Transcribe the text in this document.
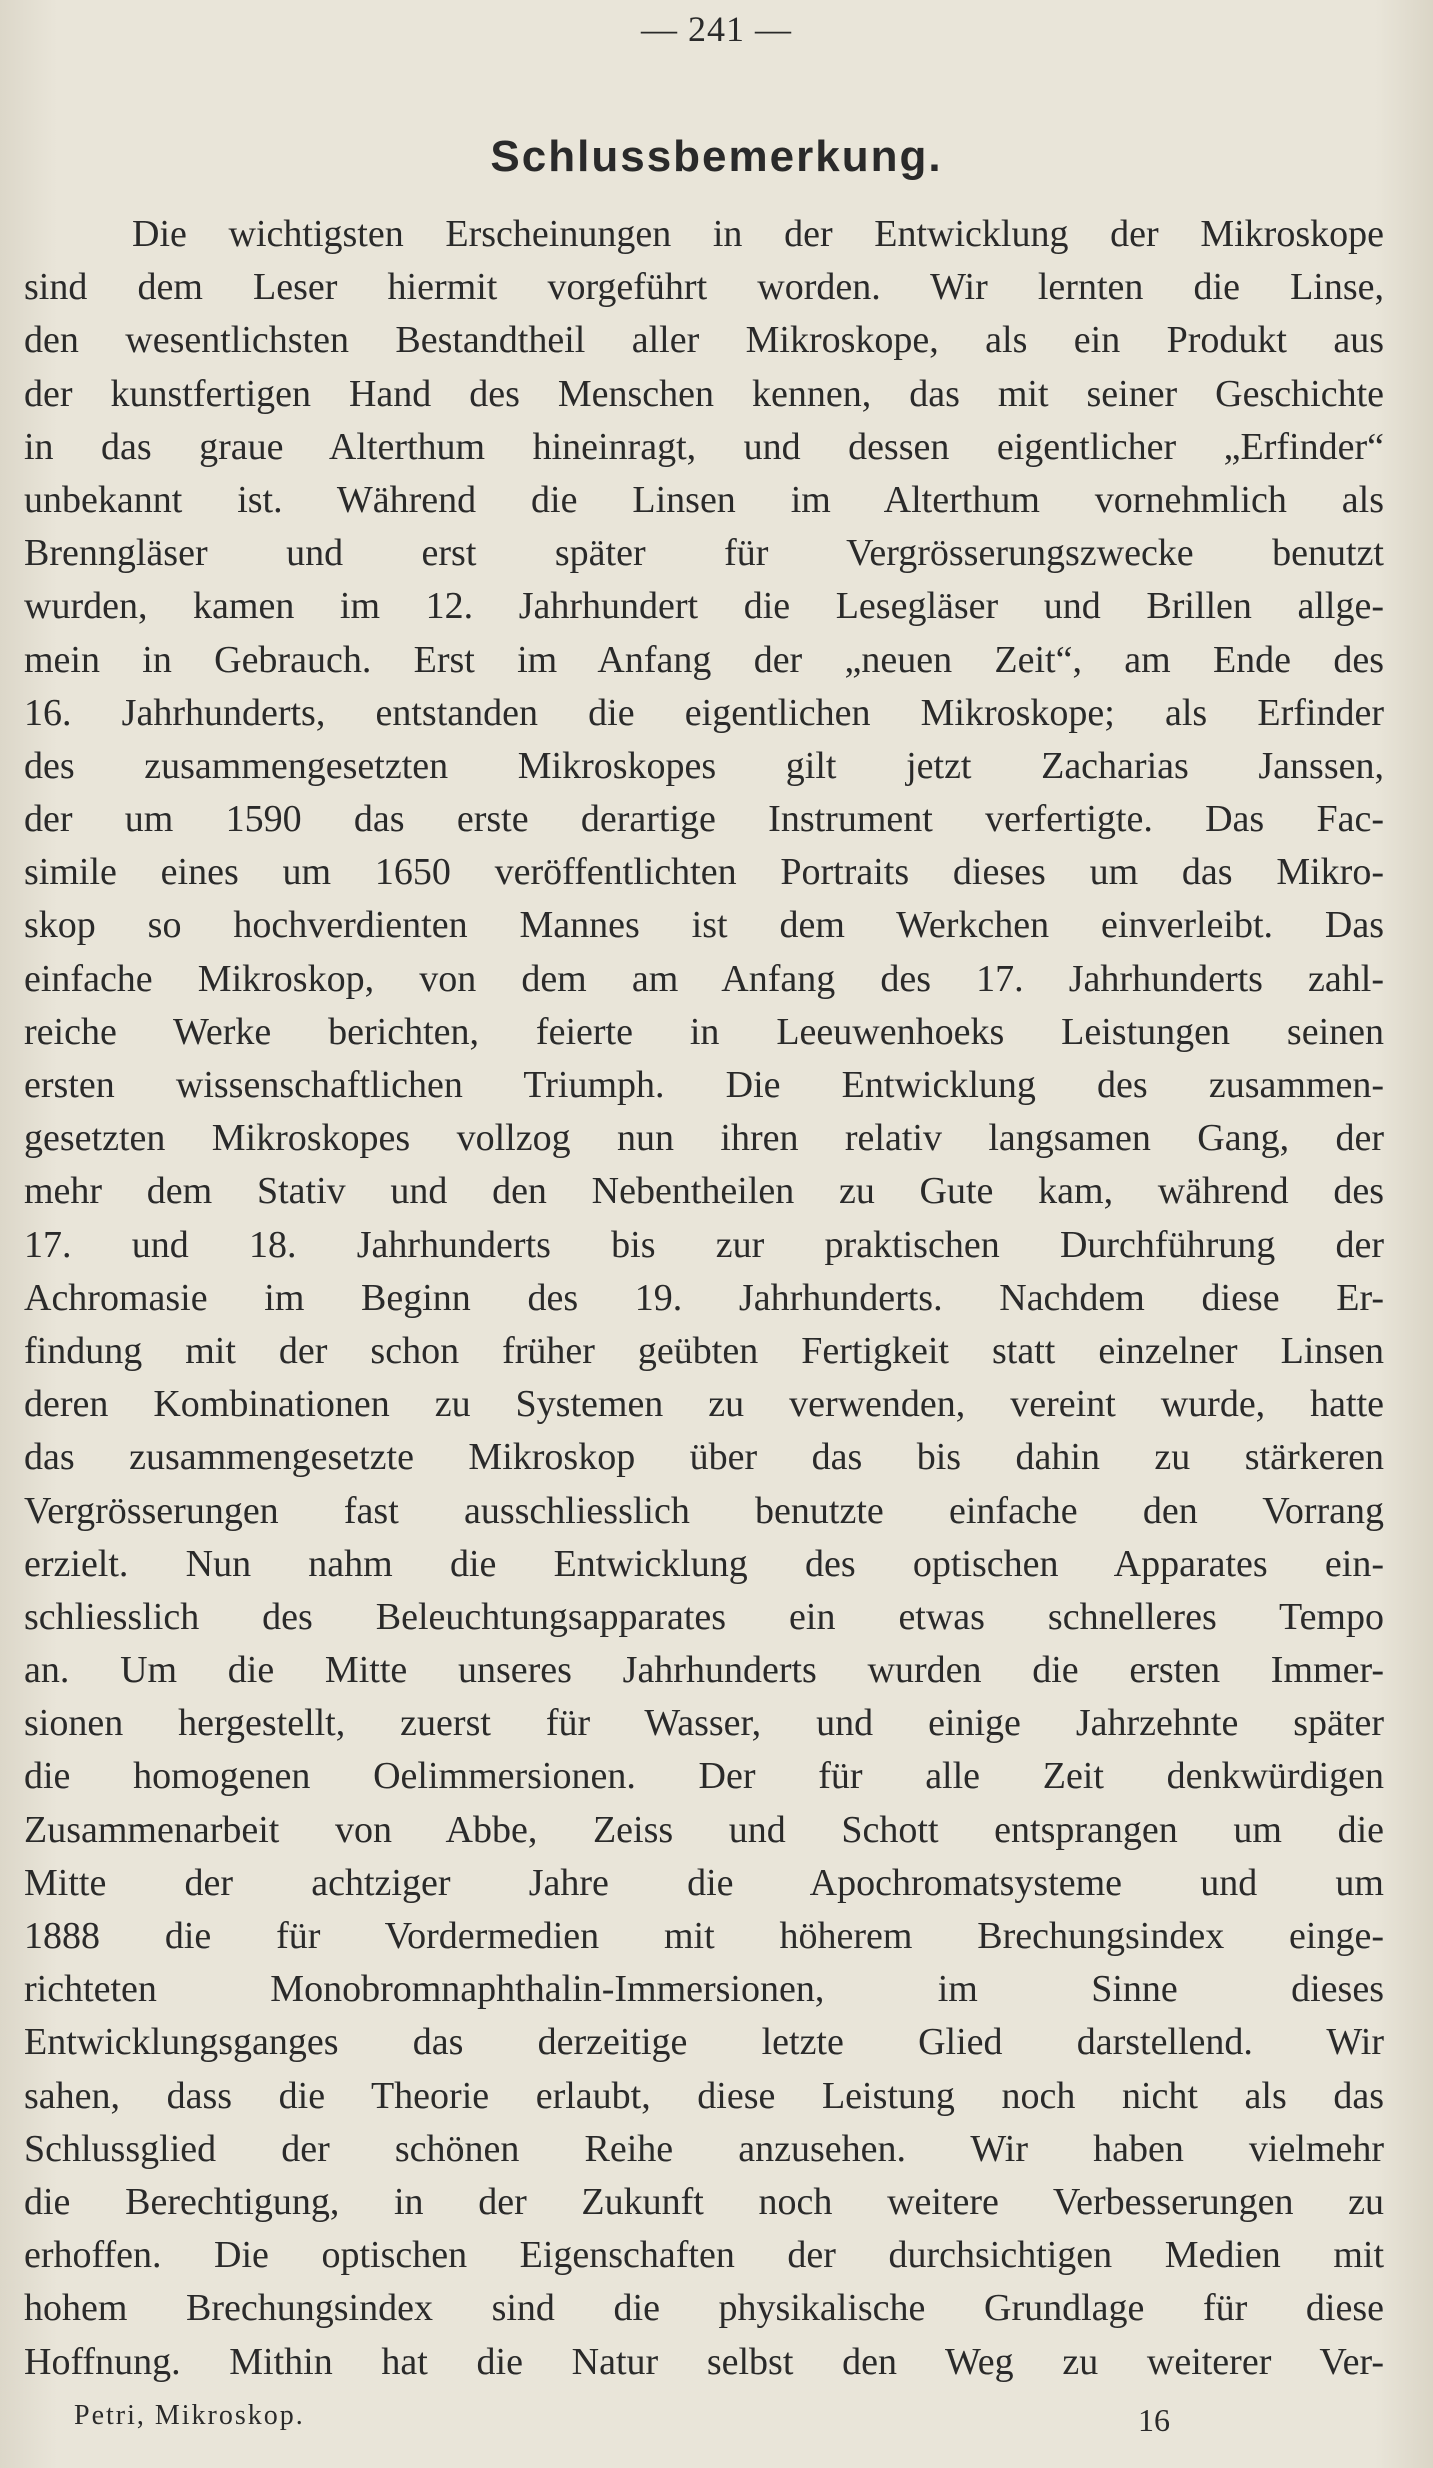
— 241 —
Schlussbemerkung.
Die wichtigsten Erscheinungen in der Entwicklung der Mikroskope
sind dem Leser hiermit vorgeführt worden. Wir lernten die Linse,
den wesentlichsten Bestandtheil aller Mikroskope, als ein Produkt aus
der kunstfertigen Hand des Menschen kennen, das mit seiner Geschichte
in das graue Alterthum hineinragt, und dessen eigentlicher „Erfinder“
unbekannt ist. Während die Linsen im Alterthum vornehmlich als
Brenngläser und erst später für Vergrösserungszwecke benutzt
wurden, kamen im 12. Jahrhundert die Lesegläser und Brillen allge-
mein in Gebrauch. Erst im Anfang der „neuen Zeit“, am Ende des
16. Jahrhunderts, entstanden die eigentlichen Mikroskope; als Erfinder
des zusammengesetzten Mikroskopes gilt jetzt Zacharias Janssen,
der um 1590 das erste derartige Instrument verfertigte. Das Fac-
simile eines um 1650 veröffentlichten Portraits dieses um das Mikro-
skop so hochverdienten Mannes ist dem Werkchen einverleibt. Das
einfache Mikroskop, von dem am Anfang des 17. Jahrhunderts zahl-
reiche Werke berichten, feierte in Leeuwenhoeks Leistungen seinen
ersten wissenschaftlichen Triumph. Die Entwicklung des zusammen-
gesetzten Mikroskopes vollzog nun ihren relativ langsamen Gang, der
mehr dem Stativ und den Nebentheilen zu Gute kam, während des
17. und 18. Jahrhunderts bis zur praktischen Durchführung der
Achromasie im Beginn des 19. Jahrhunderts. Nachdem diese Er-
findung mit der schon früher geübten Fertigkeit statt einzelner Linsen
deren Kombinationen zu Systemen zu verwenden, vereint wurde, hatte
das zusammengesetzte Mikroskop über das bis dahin zu stärkeren
Vergrösserungen fast ausschliesslich benutzte einfache den Vorrang
erzielt. Nun nahm die Entwicklung des optischen Apparates ein-
schliesslich des Beleuchtungsapparates ein etwas schnelleres Tempo
an. Um die Mitte unseres Jahrhunderts wurden die ersten Immer-
sionen hergestellt, zuerst für Wasser, und einige Jahrzehnte später
die homogenen Oelimmersionen. Der für alle Zeit denkwürdigen
Zusammenarbeit von Abbe, Zeiss und Schott entsprangen um die
Mitte der achtziger Jahre die Apochromatsysteme und um
1888 die für Vordermedien mit höherem Brechungsindex einge-
richteten Monobromnaphthalin-Immersionen, im Sinne dieses
Entwicklungsganges das derzeitige letzte Glied darstellend. Wir
sahen, dass die Theorie erlaubt, diese Leistung noch nicht als das
Schlussglied der schönen Reihe anzusehen. Wir haben vielmehr
die Berechtigung, in der Zukunft noch weitere Verbesserungen zu
erhoffen. Die optischen Eigenschaften der durchsichtigen Medien mit
hohem Brechungsindex sind die physikalische Grundlage für diese
Hoffnung. Mithin hat die Natur selbst den Weg zu weiterer Ver-
Petri, Mikroskop.	16
